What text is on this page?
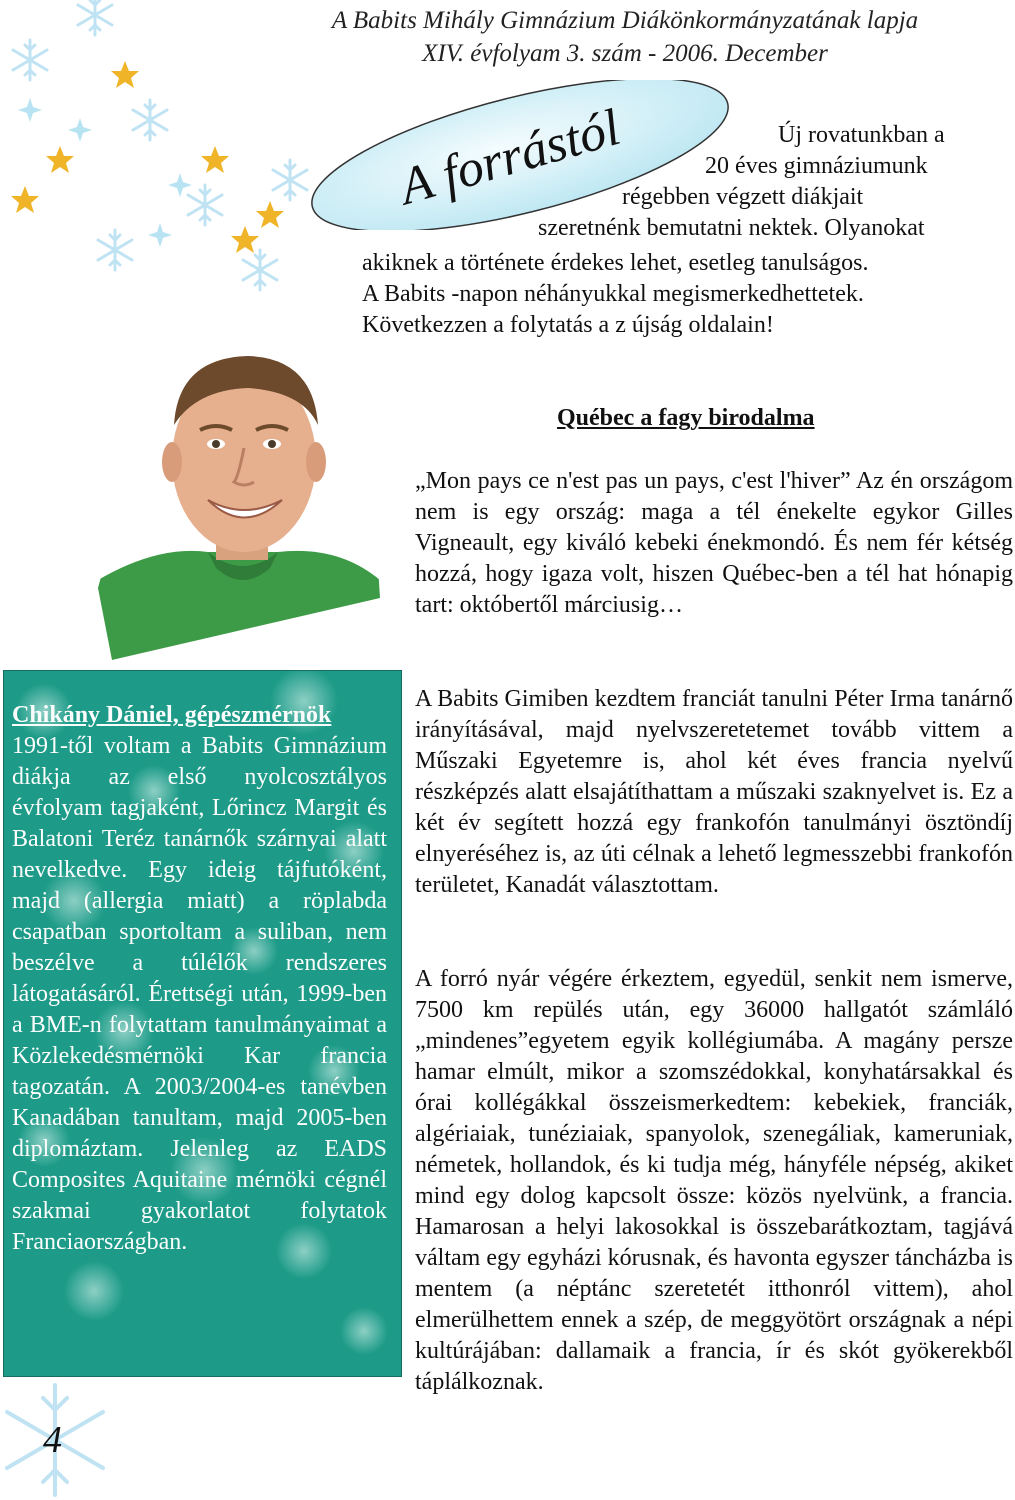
A Babits Mihály Gimnázium Diákönkormányzatának lapja
XIV. évfolyam 3. szám - 2006. December
A forrástól	Új rovatunkban a
20 éves gimnáziumunk
régebben végzett diákjait
szeretnénk bemutatni nektek. Olyanokat
akiknek a története érdekes lehet, esetleg tanulságos.
A Babits -napon néhányukkal megismerkedhettetek.
Következzen a folytatás a z újság oldalain!
Québec a fagy birodalma
„Mon pays ce n'est pas un pays, c'est l'hiver” Az én országom nem is egy ország: maga a tél énekelte egykor Gilles Vigneault, egy kiváló kebeki énekmondó. És nem fér kétség hozzá, hogy igaza volt, hiszen Québec-ben a tél hat hónapig tart: októbertől márciusig…
A Babits Gimiben kezdtem franciát tanulni Péter Irma tanárnő irányításával, majd nyelvszeretetemet tovább vittem a Műszaki Egyetemre is, ahol két éves francia nyelvű részképzés alatt elsajátíthattam a műszaki szaknyelvet is. Ez a két év segített hozzá egy frankofón tanulmányi ösztöndíj elnyeréséhez is, az úti célnak a lehető legmesszebbi frankofón területet, Kanadát választottam.
A forró nyár végére érkeztem, egyedül, senkit nem ismerve, 7500 km repülés után, egy 36000 hallgatót számláló „mindenes”egyetem egyik kollégiumába. A magány persze hamar elmúlt, mikor a szomszédokkal, konyhatársakkal és órai kollégákkal összeismerkedtem: kebekiek, franciák, algériaiak, tunéziaiak, spanyolok, szenegáliak, kameruniak, németek, hollandok, és ki tudja még, hányféle népség, akiket mind egy dolog kapcsolt össze: közös nyelvünk, a francia. Hamarosan a helyi lakosokkal is összebarátkoztam, tagjává váltam egy egyházi kórusnak, és havonta egyszer táncházba is mentem (a néptánc szeretetét itthonról vittem), ahol elmerülhettem ennek a szép, de meggyötört országnak a népi kultúrájában: dallamaik a francia, ír és skót gyökerekből táplálkoznak.
Chikány Dániel, gépészmérnök
1991-től voltam a Babits Gimnázium diákja az első nyolcosztályos évfolyam tagjaként, Lőrincz Margit és Balatoni Teréz tanárnők szárnyai alatt nevelkedve. Egy ideig tájfutóként, majd (allergia miatt) a röplabda csapatban sportoltam a suliban, nem beszélve a túlélők rendszeres látogatásáról. Érettségi után, 1999-ben a BME-n folytattam tanulmányaimat a Közlekedésmérnöki Kar francia tagozatán. A 2003/2004-es tanévben Kanadában tanultam, majd 2005-ben diplomáztam. Jelenleg az EADS Composites Aquitaine mérnöki cégnél szakmai gyakorlatot folytatok Franciaországban.
4
